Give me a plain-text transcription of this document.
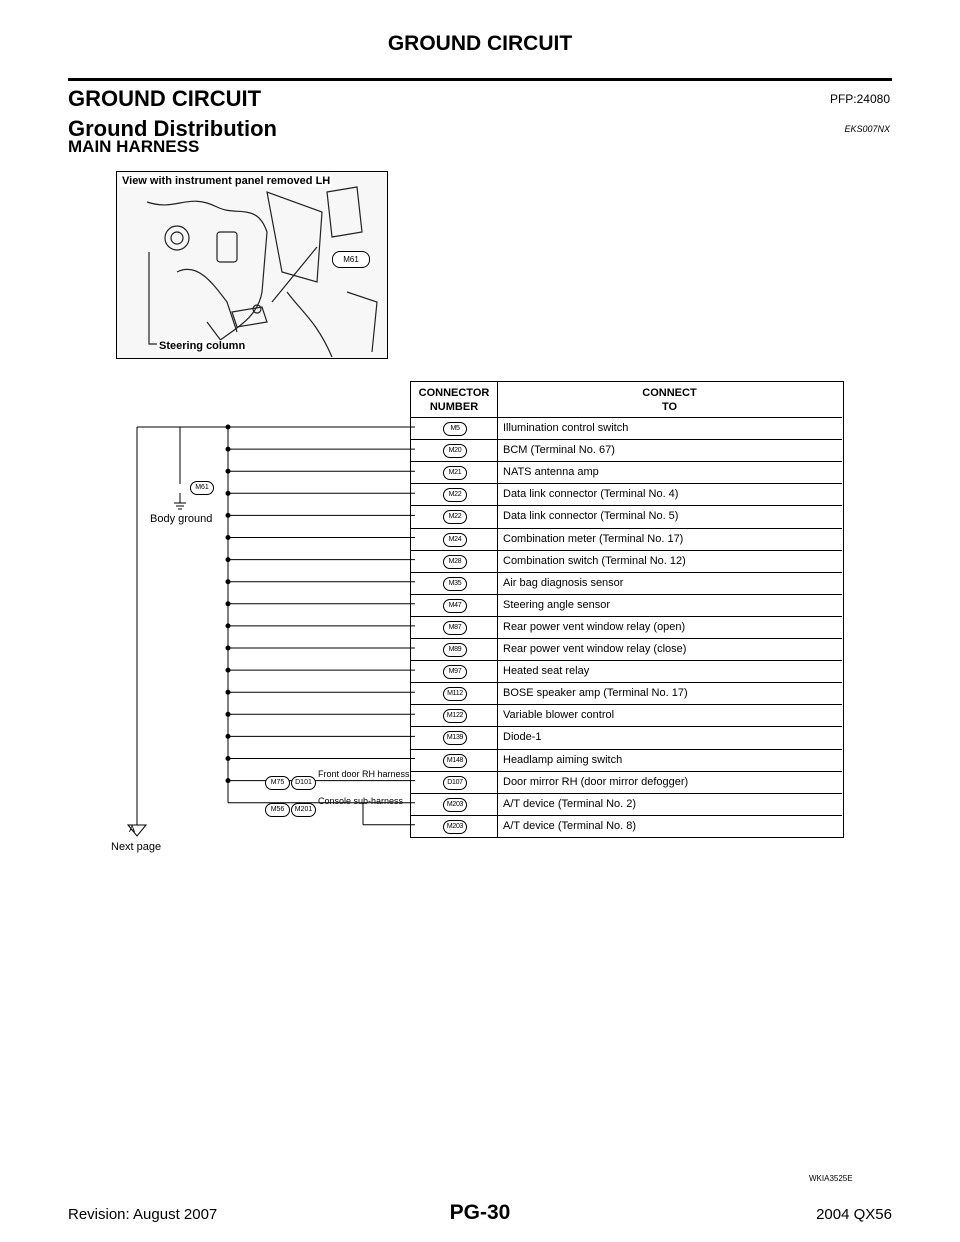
GROUND CIRCUIT
GROUND CIRCUIT	PFP:24080
Ground Distribution	EKS007NX
MAIN HARNESS
View with instrument panel removed LH
M61
Steering column
M61
Body ground
A
Next page
M75	D101
Front door RH harness
M56	M201
Console sub-harness
CONNECTOR
NUMBER
CONNECT
TO
M5	Illumination control switch
M20	BCM (Terminal No. 67)
M21	NATS antenna amp
M22	Data link connector (Terminal No. 4)
M22	Data link connector (Terminal No. 5)
M24	Combination meter (Terminal No. 17)
M28	Combination switch (Terminal No. 12)
M35	Air bag diagnosis sensor
M47	Steering angle sensor
M87	Rear power vent window relay (open)
M89	Rear power vent window relay (close)
M97	Heated seat relay
M112	BOSE speaker amp (Terminal No. 17)
M122	Variable blower control
M139	Diode-1
M148	Headlamp aiming switch
D107	Door mirror RH (door mirror defogger)
M203	A/T device (Terminal No. 2)
M203	A/T device (Terminal No. 8)
WKIA3525E
Revision: August 2007	PG-30	2004 QX56
